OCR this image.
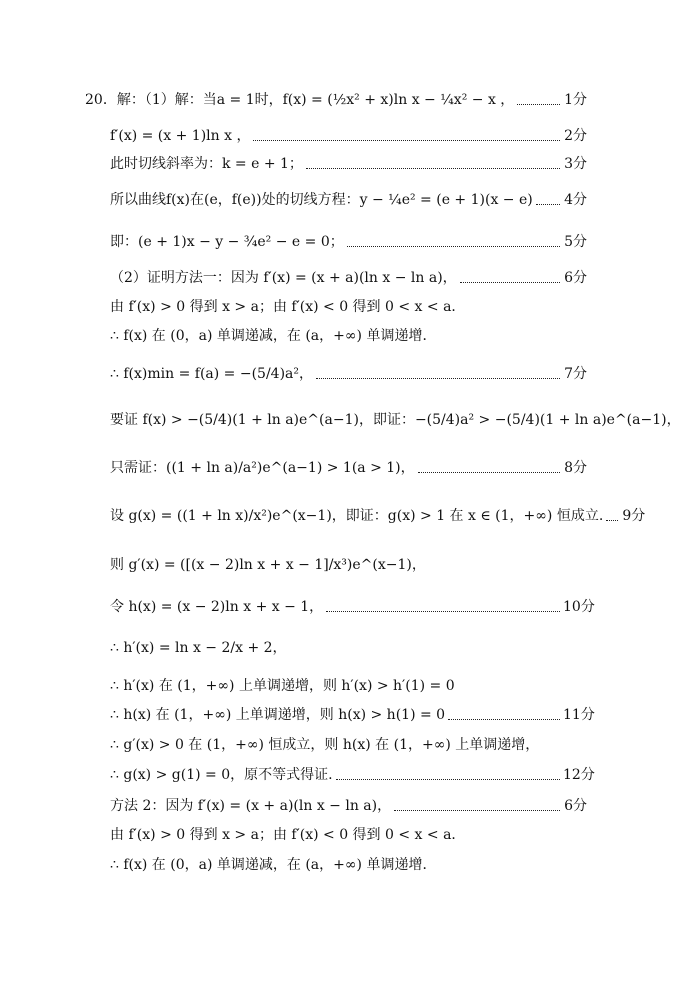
20．解：（1）解：当a = 1时，f(x) = (½x² + x)ln x − ¼x² − x ，	1分
f′(x) = (x + 1)ln x ，	2分
此时切线斜率为：k = e + 1；	3分
所以曲线f(x)在(e，f(e))处的切线方程：y − ¼e² = (e + 1)(x − e) 4分
即：(e + 1)x − y − ¾e² − e = 0；	5分
（2）证明方法一：因为 f′(x) = (x + a)(ln x − ln a)，	6分
由 f′(x) > 0 得到 x > a；由 f′(x) < 0 得到 0 < x < a．
∴ f(x) 在 (0，a) 单调递减，在 (a，+∞) 单调递增．
∴ f(x)min = f(a) = −(5/4)a²，	7分
要证 f(x) > −(5/4)(1 + ln a)e^(a−1)，即证：−(5/4)a² > −(5/4)(1 + ln a)e^(a−1)，
只需证：((1 + ln a)/a²)e^(a−1) > 1(a > 1)，	8分
设 g(x) = ((1 + ln x)/x²)e^(x−1)，即证：g(x) > 1 在 x ∈ (1，+∞) 恒成立. 9分
则 g′(x) = ([(x − 2)ln x + x − 1]/x³)e^(x−1)，
令 h(x) = (x − 2)ln x + x − 1，	10分
∴ h′(x) = ln x − 2/x + 2，
∴ h′(x) 在 (1，+∞) 上单调递增，则 h′(x) > h′(1) = 0
∴ h(x) 在 (1，+∞) 上单调递增，则 h(x) > h(1) = 0	11分
∴ g′(x) > 0 在 (1，+∞) 恒成立，则 h(x) 在 (1，+∞) 上单调递增，
∴ g(x) > g(1) = 0，原不等式得证.	12分
方法 2：因为 f′(x) = (x + a)(ln x − ln a)，	6分
由 f′(x) > 0 得到 x > a；由 f′(x) < 0 得到 0 < x < a．
∴ f(x) 在 (0，a) 单调递减，在 (a，+∞) 单调递增．
